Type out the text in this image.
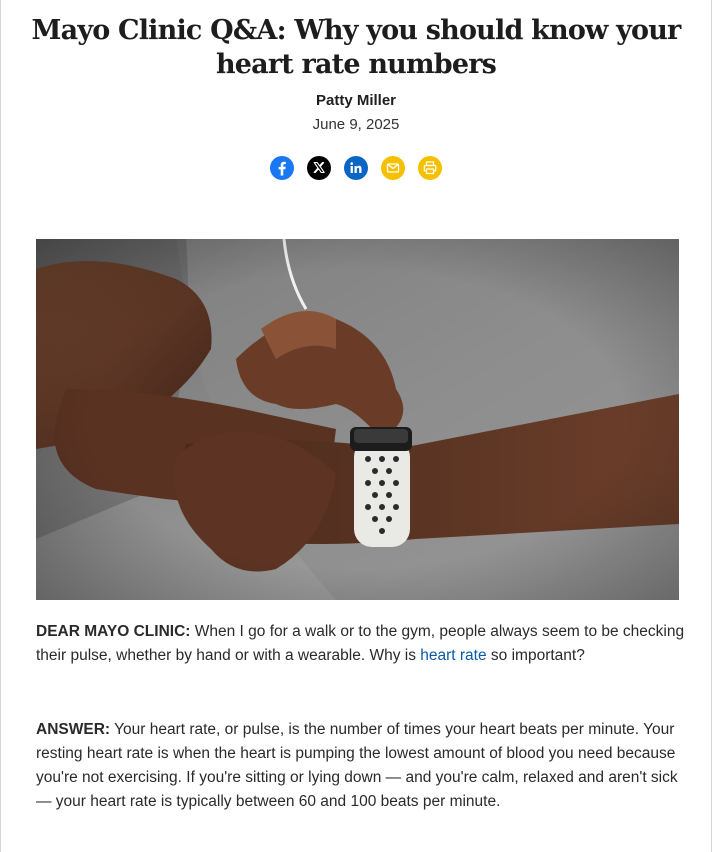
Mayo Clinic Q&A: Why you should know your heart rate numbers
Patty Miller
June 9, 2025

DEAR MAYO CLINIC: When I go for a walk or to the gym, people always seem to be checking their pulse, whether by hand or with a wearable. Why is heart rate so important?

ANSWER: Your heart rate, or pulse, is the number of times your heart beats per minute. Your resting heart rate is when the heart is pumping the lowest amount of blood you need because you're not exercising. If you're sitting or lying down — and you're calm, relaxed and aren't sick — your heart rate is typically between 60 and 100 beats per minute.
